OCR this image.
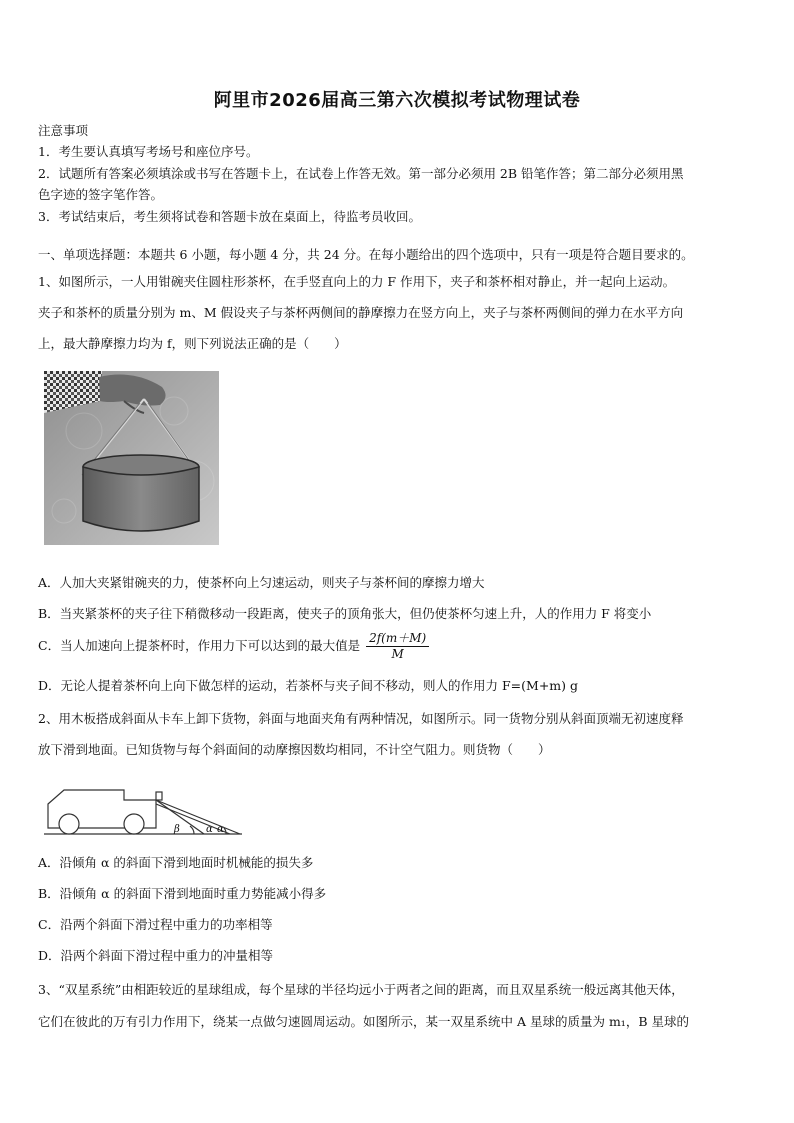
阿里市2026届高三第六次模拟考试物理试卷
注意事项
1．考生要认真填写考场号和座位序号。
2．试题所有答案必须填涂或书写在答题卡上，在试卷上作答无效。第一部分必须用 2B 铅笔作答；第二部分必须用黑
色字迹的签字笔作答。
3．考试结束后，考生须将试卷和答题卡放在桌面上，待监考员收回。
一、单项选择题：本题共 6 小题，每小题 4 分，共 24 分。在每小题给出的四个选项中，只有一项是符合题目要求的。
1、如图所示，一人用钳碗夹住圆柱形茶杯，在手竖直向上的力 F 作用下，夹子和茶杯相对静止，并一起向上运动。
夹子和茶杯的质量分别为 m、M 假设夹子与茶杯两侧间的静摩擦力在竖方向上，夹子与茶杯两侧间的弹力在水平方向
上，最大静摩擦力均为 f，则下列说法正确的是（　　）
A．人加大夹紧钳碗夹的力，使茶杯向上匀速运动，则夹子与茶杯间的摩擦力增大
B．当夹紧茶杯的夹子往下稍微移动一段距离，使夹子的顶角张大，但仍使茶杯匀速上升，人的作用力 F 将变小
C．当人加速向上提茶杯时，作用力下可以达到的最大值是 $\frac{2f(m+M)}{M}$
D．无论人提着茶杯向上向下做怎样的运动，若茶杯与夹子间不移动，则人的作用力 F=(M+m) g
2、用木板搭成斜面从卡车上卸下货物，斜面与地面夹角有两种情况，如图所示。同一货物分别从斜面顶端无初速度释
放下滑到地面。已知货物与每个斜面间的动摩擦因数均相同，不计空气阻力。则货物（　　）
β	α α
A．沿倾角 α 的斜面下滑到地面时机械能的损失多
B．沿倾角 α 的斜面下滑到地面时重力势能减小得多
C．沿两个斜面下滑过程中重力的功率相等
D．沿两个斜面下滑过程中重力的冲量相等
3、“双星系统”由相距较近的星球组成，每个星球的半径均远小于两者之间的距离，而且双星系统一般远离其他天体，
它们在彼此的万有引力作用下，绕某一点做匀速圆周运动。如图所示，某一双星系统中 A 星球的质量为 m₁，B 星球的
